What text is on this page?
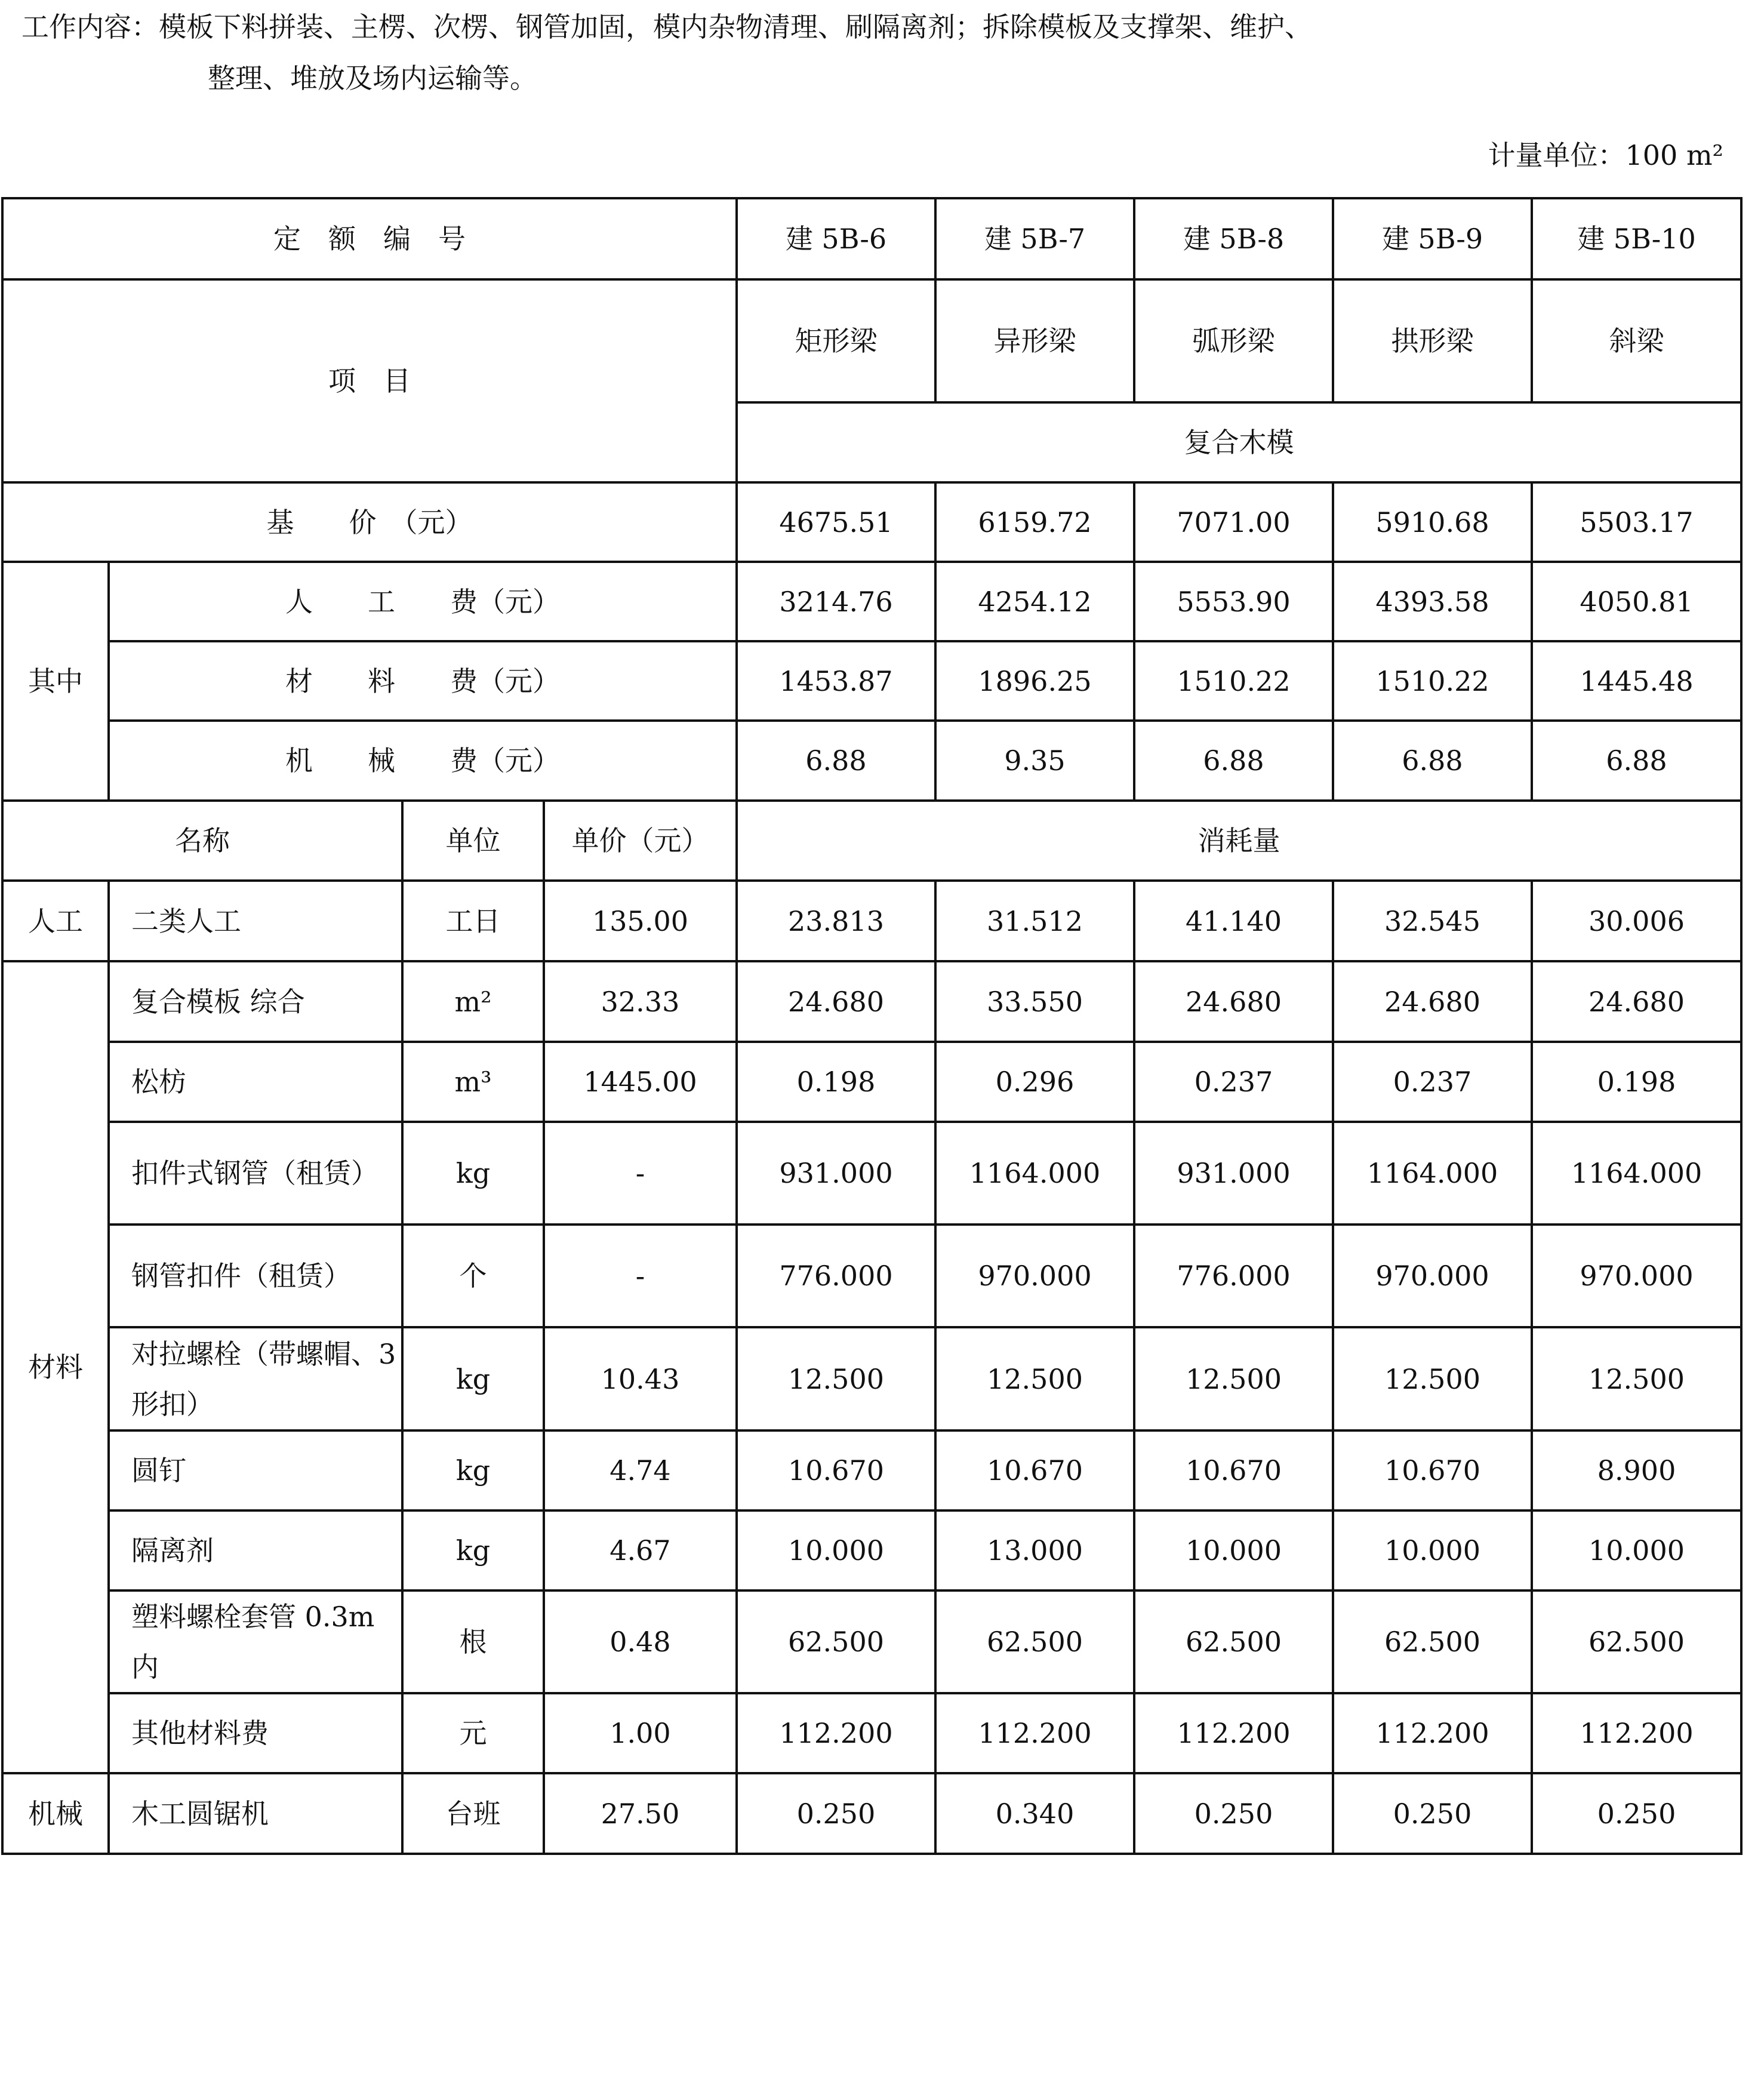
工作内容：模板下料拼装、主楞、次楞、钢管加固，模内杂物清理、刷隔离剂；拆除模板及支撑架、维护、
整理、堆放及场内运输等。
计量单位：100 m²
定　额　编　号				建 5B-6	建 5B-7	建 5B-8	建 5B-9	建 5B-10
项　目				矩形梁	异形梁	弧形梁	拱形梁	斜梁
				复合木模				
基　　价　（元）				4675.51	6159.72	7071.00	5910.68	5503.17
其中	人　　工　　费（元）			3214.76	4254.12	5553.90	4393.58	4050.81
	材　　料　　费（元）			1453.87	1896.25	1510.22	1510.22	1445.48
	机　　械　　费（元）			6.88	9.35	6.88	6.88	6.88
名称		单位	单价（元）	消耗量				
人工	二类人工	工日	135.00	23.813	31.512	41.140	32.545	30.006
材料	复合模板 综合	m²	32.33	24.680	33.550	24.680	24.680	24.680
	松枋	m³	1445.00	0.198	0.296	0.237	0.237	0.198
	扣件式钢管（租赁）	kg	-	931.000	1164.000	931.000	1164.000	1164.000
	钢管扣件（租赁）	个	-	776.000	970.000	776.000	970.000	970.000
	对拉螺栓（带螺帽、3 形扣）	kg	10.43	12.500	12.500	12.500	12.500	12.500
	圆钉	kg	4.74	10.670	10.670	10.670	10.670	8.900
	隔离剂	kg	4.67	10.000	13.000	10.000	10.000	10.000
	塑料螺栓套管 0.3m 内	根	0.48	62.500	62.500	62.500	62.500	62.500
	其他材料费	元	1.00	112.200	112.200	112.200	112.200	112.200
机械	木工圆锯机	台班	27.50	0.250	0.340	0.250	0.250	0.250
